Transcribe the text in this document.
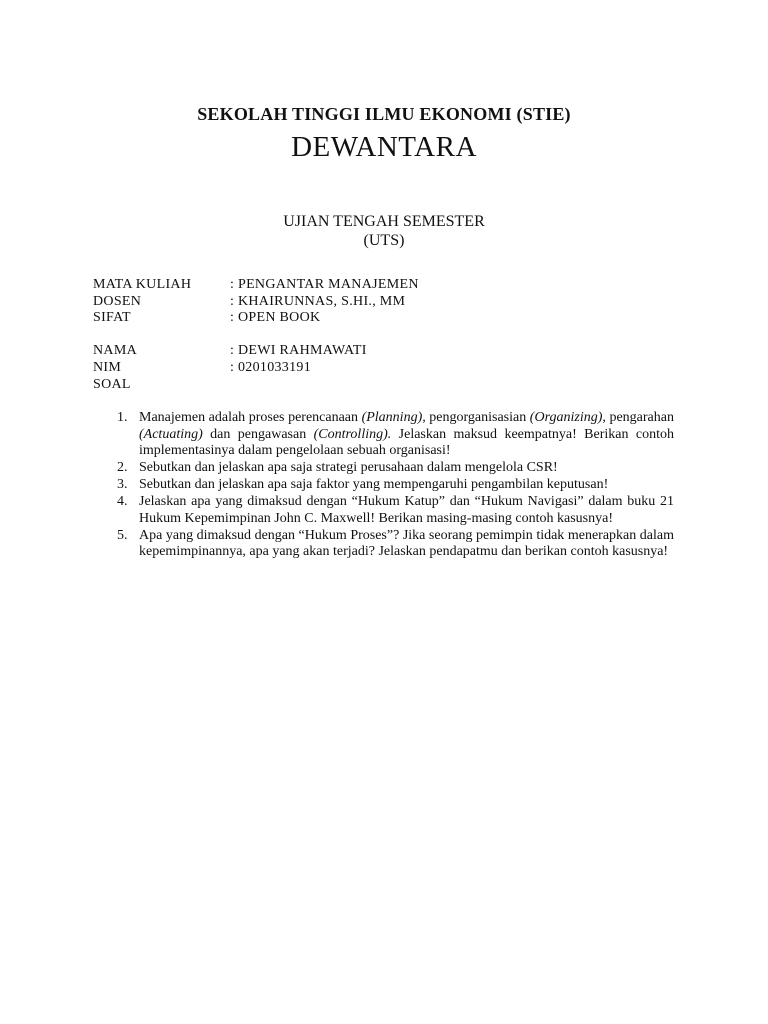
SEKOLAH TINGGI ILMU EKONOMI (STIE)
DEWANTARA
UJIAN TENGAH SEMESTER
(UTS)
MATA KULIAH	: PENGANTAR MANAJEMEN
DOSEN	: KHAIRUNNAS, S.HI., MM
SIFAT	: OPEN BOOK
NAMA	: DEWI RAHMAWATI
NIM	: 0201033191
SOAL
1. Manajemen adalah proses perencanaan (Planning), pengorganisasian (Organizing), pengarahan (Actuating) dan pengawasan (Controlling). Jelaskan maksud keempatnya! Berikan contoh implementasinya dalam pengelolaan sebuah organisasi!
2. Sebutkan dan jelaskan apa saja strategi perusahaan dalam mengelola CSR!
3. Sebutkan dan jelaskan apa saja faktor yang mempengaruhi pengambilan keputusan!
4. Jelaskan apa yang dimaksud dengan “Hukum Katup” dan “Hukum Navigasi” dalam buku 21 Hukum Kepemimpinan John C. Maxwell! Berikan masing-masing contoh kasusnya!
5. Apa yang dimaksud dengan “Hukum Proses”? Jika seorang pemimpin tidak menerapkan dalam kepemimpinannya, apa yang akan terjadi? Jelaskan pendapatmu dan berikan contoh kasusnya!
